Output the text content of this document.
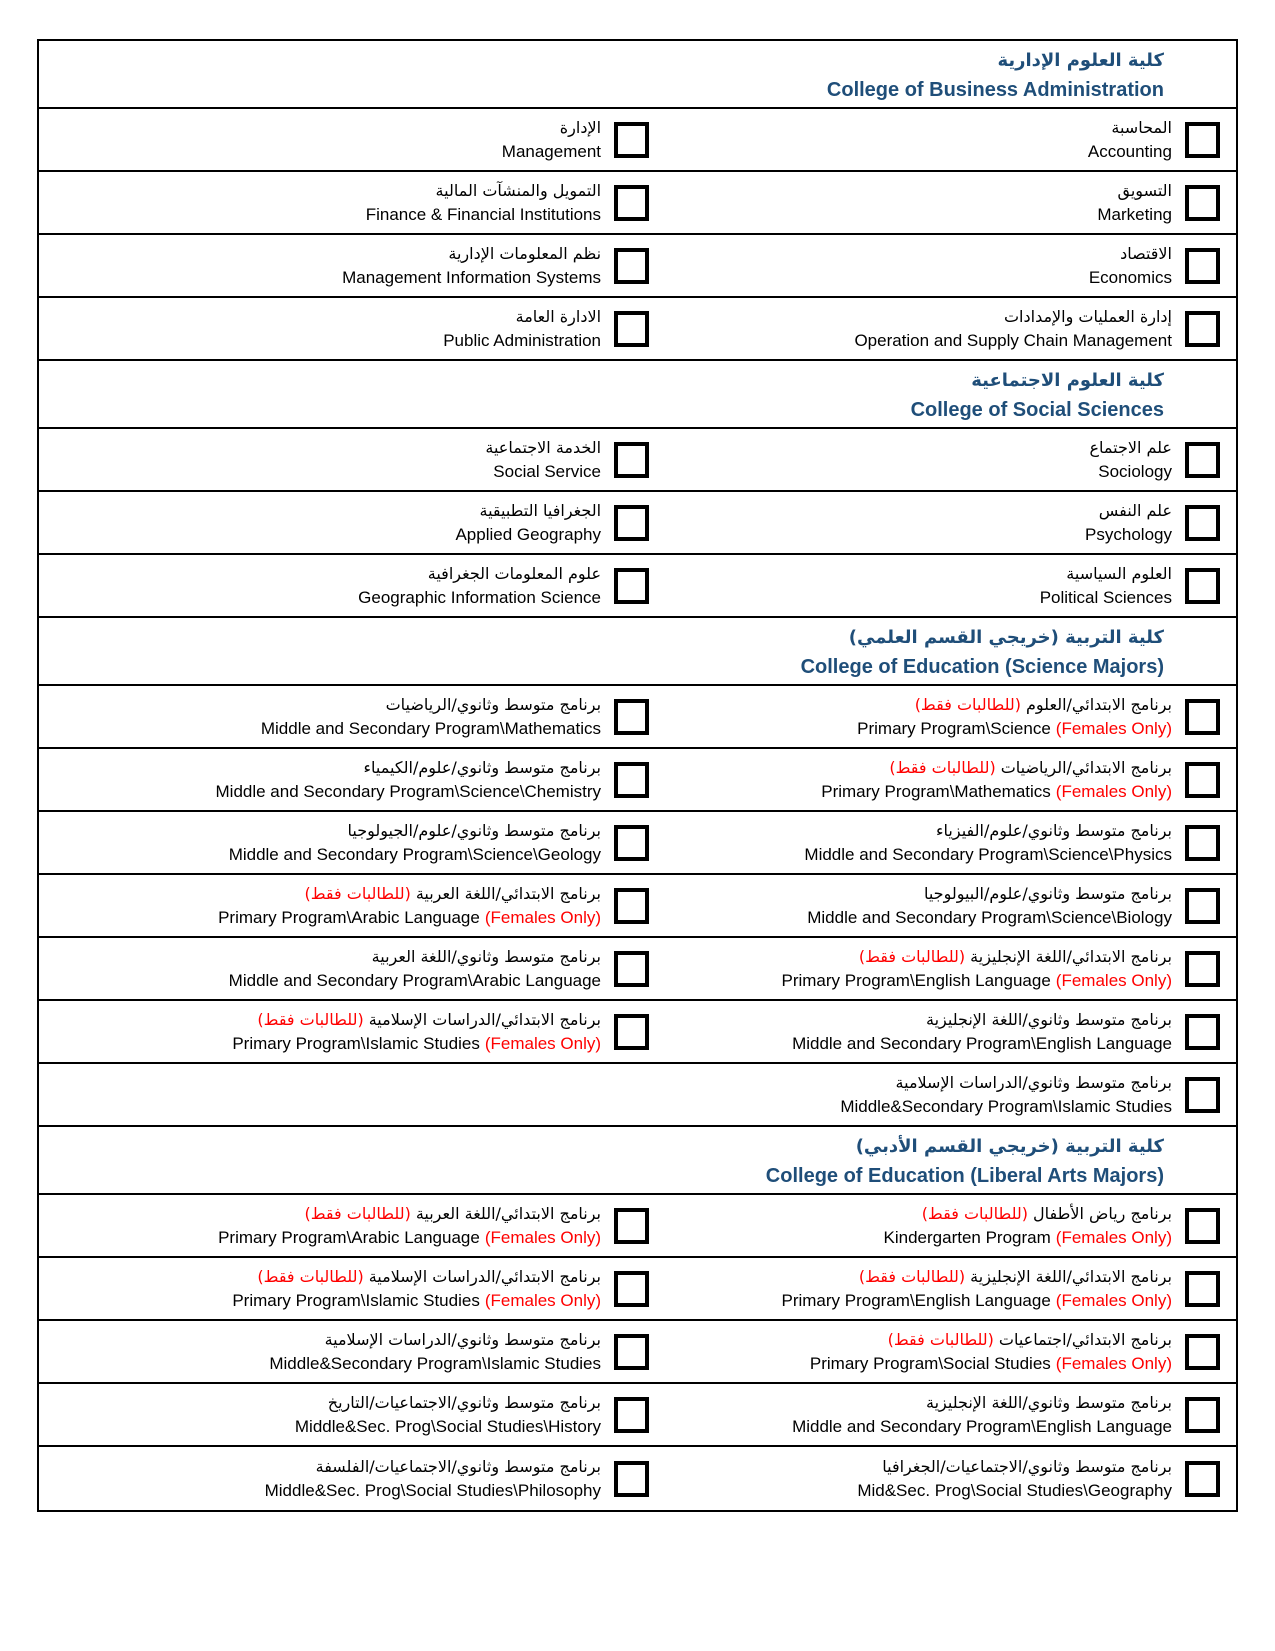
كلية العلوم الإدارية
College of Business Administration
الإدارة
Management
المحاسبة
Accounting
التمويل والمنشآت المالية
Finance & Financial Institutions
التسويق
Marketing
نظم المعلومات الإدارية
Management Information Systems
الاقتصاد
Economics
الادارة العامة
Public Administration
إدارة العمليات والإمدادات
Operation and Supply Chain Management
كلية العلوم الاجتماعية
College of Social Sciences
الخدمة الاجتماعية
Social Service
علم الاجتماع
Sociology
الجغرافيا التطبيقية
Applied Geography
علم النفس
Psychology
علوم المعلومات الجغرافية
Geographic Information Science
العلوم السياسية
Political Sciences
كلية التربية (خريجي القسم العلمي)
College of Education (Science Majors)
برنامج متوسط وثانوي/الرياضيات
Middle and Secondary Program\Mathematics
برنامج الابتدائي/العلوم(للطالبات فقط)
Primary Program\Science (Females Only)
برنامج متوسط وثانوي/علوم/الكيمياء
Middle and Secondary Program\Science\Chemistry
برنامج الابتدائي/الرياضيات(للطالبات فقط)
Primary Program\Mathematics (Females Only)
برنامج متوسط وثانوي/علوم/الجيولوجيا
Middle and Secondary Program\Science\Geology
برنامج متوسط وثانوي/علوم/الفيزياء
Middle and Secondary Program\Science\Physics
برنامج الابتدائي/اللغة العربية(للطالبات فقط)
Primary Program\Arabic Language (Females Only)
برنامج متوسط وثانوي/علوم/البيولوجيا
Middle and Secondary Program\Science\Biology
برنامج متوسط وثانوي/اللغة العربية
Middle and Secondary Program\Arabic Language
برنامج الابتدائي/اللغة الإنجليزية(للطالبات فقط)
Primary Program\English Language (Females Only)
برنامج الابتدائي/الدراسات الإسلامية(للطالبات فقط)
Primary Program\Islamic Studies (Females Only)
برنامج متوسط وثانوي/اللغة الإنجليزية
Middle and Secondary Program\English Language
برنامج متوسط وثانوي/الدراسات الإسلامية
Middle&Secondary Program\Islamic Studies
كلية التربية (خريجي القسم الأدبي)
College of Education (Liberal Arts Majors)
برنامج الابتدائي/اللغة العربية(للطالبات فقط)
Primary Program\Arabic Language (Females Only)
برنامج رياض الأطفال(للطالبات فقط)
Kindergarten Program (Females Only)
برنامج الابتدائي/الدراسات الإسلامية(للطالبات فقط)
Primary Program\Islamic Studies (Females Only)
برنامج الابتدائي/اللغة الإنجليزية(للطالبات فقط)
Primary Program\English Language (Females Only)
برنامج متوسط وثانوي/الدراسات الإسلامية
Middle&Secondary Program\Islamic Studies
برنامج الابتدائي/اجتماعيات(للطالبات فقط)
Primary Program\Social Studies (Females Only)
برنامج متوسط وثانوي/الاجتماعيات/التاريخ
Middle&Sec. Prog\Social Studies\History
برنامج متوسط وثانوي/اللغة الإنجليزية
Middle and Secondary Program\English Language
برنامج متوسط وثانوي/الاجتماعيات/الفلسفة
Middle&Sec. Prog\Social Studies\Philosophy
برنامج متوسط وثانوي/الاجتماعيات/الجغرافيا
Mid&Sec. Prog\Social Studies\Geography
